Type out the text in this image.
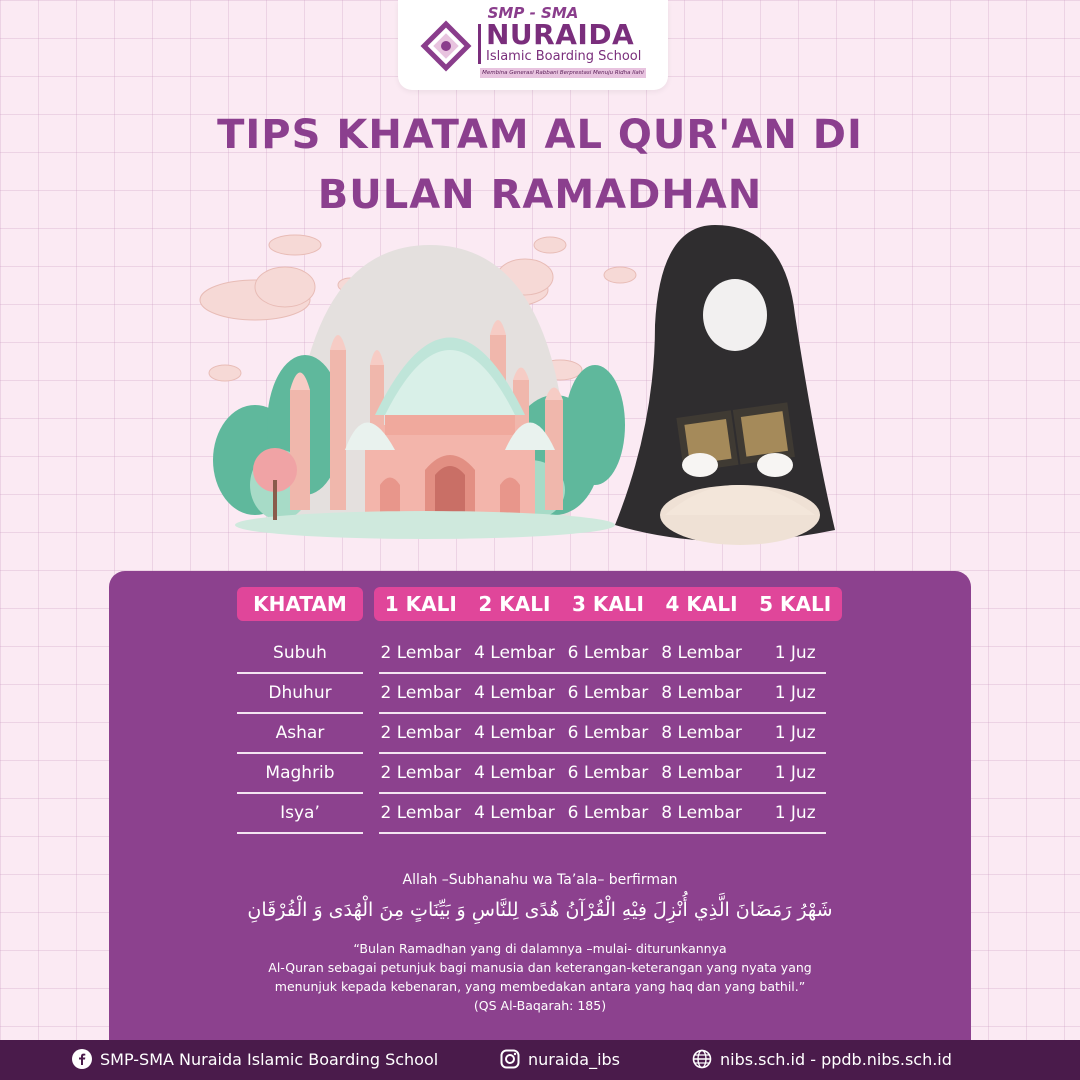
SMP - SMA
NURAIDA
Islamic Boarding School
Membina Generasi Rabbani Berprestasi Menuju Ridha Ilahi
TIPS KHATAM AL QUR'AN DI
BULAN RAMADHAN
KHATAM	1 KALI	2 KALI	3 KALI	4 KALI	5 KALI
Subuh	2 Lembar 4 Lembar 6 Lembar 8 Lembar	1 Juz
Dhuhur	2 Lembar 4 Lembar 6 Lembar 8 Lembar	1 Juz
Ashar	2 Lembar 4 Lembar 6 Lembar 8 Lembar	1 Juz
Maghrib	2 Lembar 4 Lembar 6 Lembar 8 Lembar	1 Juz
Isya’	2 Lembar 4 Lembar 6 Lembar 8 Lembar	1 Juz
Allah –Subhanahu wa Ta’ala– berfirman
شَهْرُ رَمَضَانَ الَّذِي أُنْزِلَ فِيْهِ الْقُرْآنُ هُدًى لِلنَّاسِ وَ بَيِّنَاتٍ مِنَ الْهُدَى وَ الْفُرْقَانِ
“Bulan Ramadhan yang di dalamnya –mulai- diturunkannya
Al-Quran sebagai petunjuk bagi manusia dan keterangan-keterangan yang nyata yang
menunjuk kepada kebenaran, yang membedakan antara yang haq dan yang bathil.”
(QS Al-Baqarah: 185)
SMP-SMA Nuraida Islamic Boarding School	nuraida_ibs	nibs.sch.id - ppdb.nibs.sch.id
